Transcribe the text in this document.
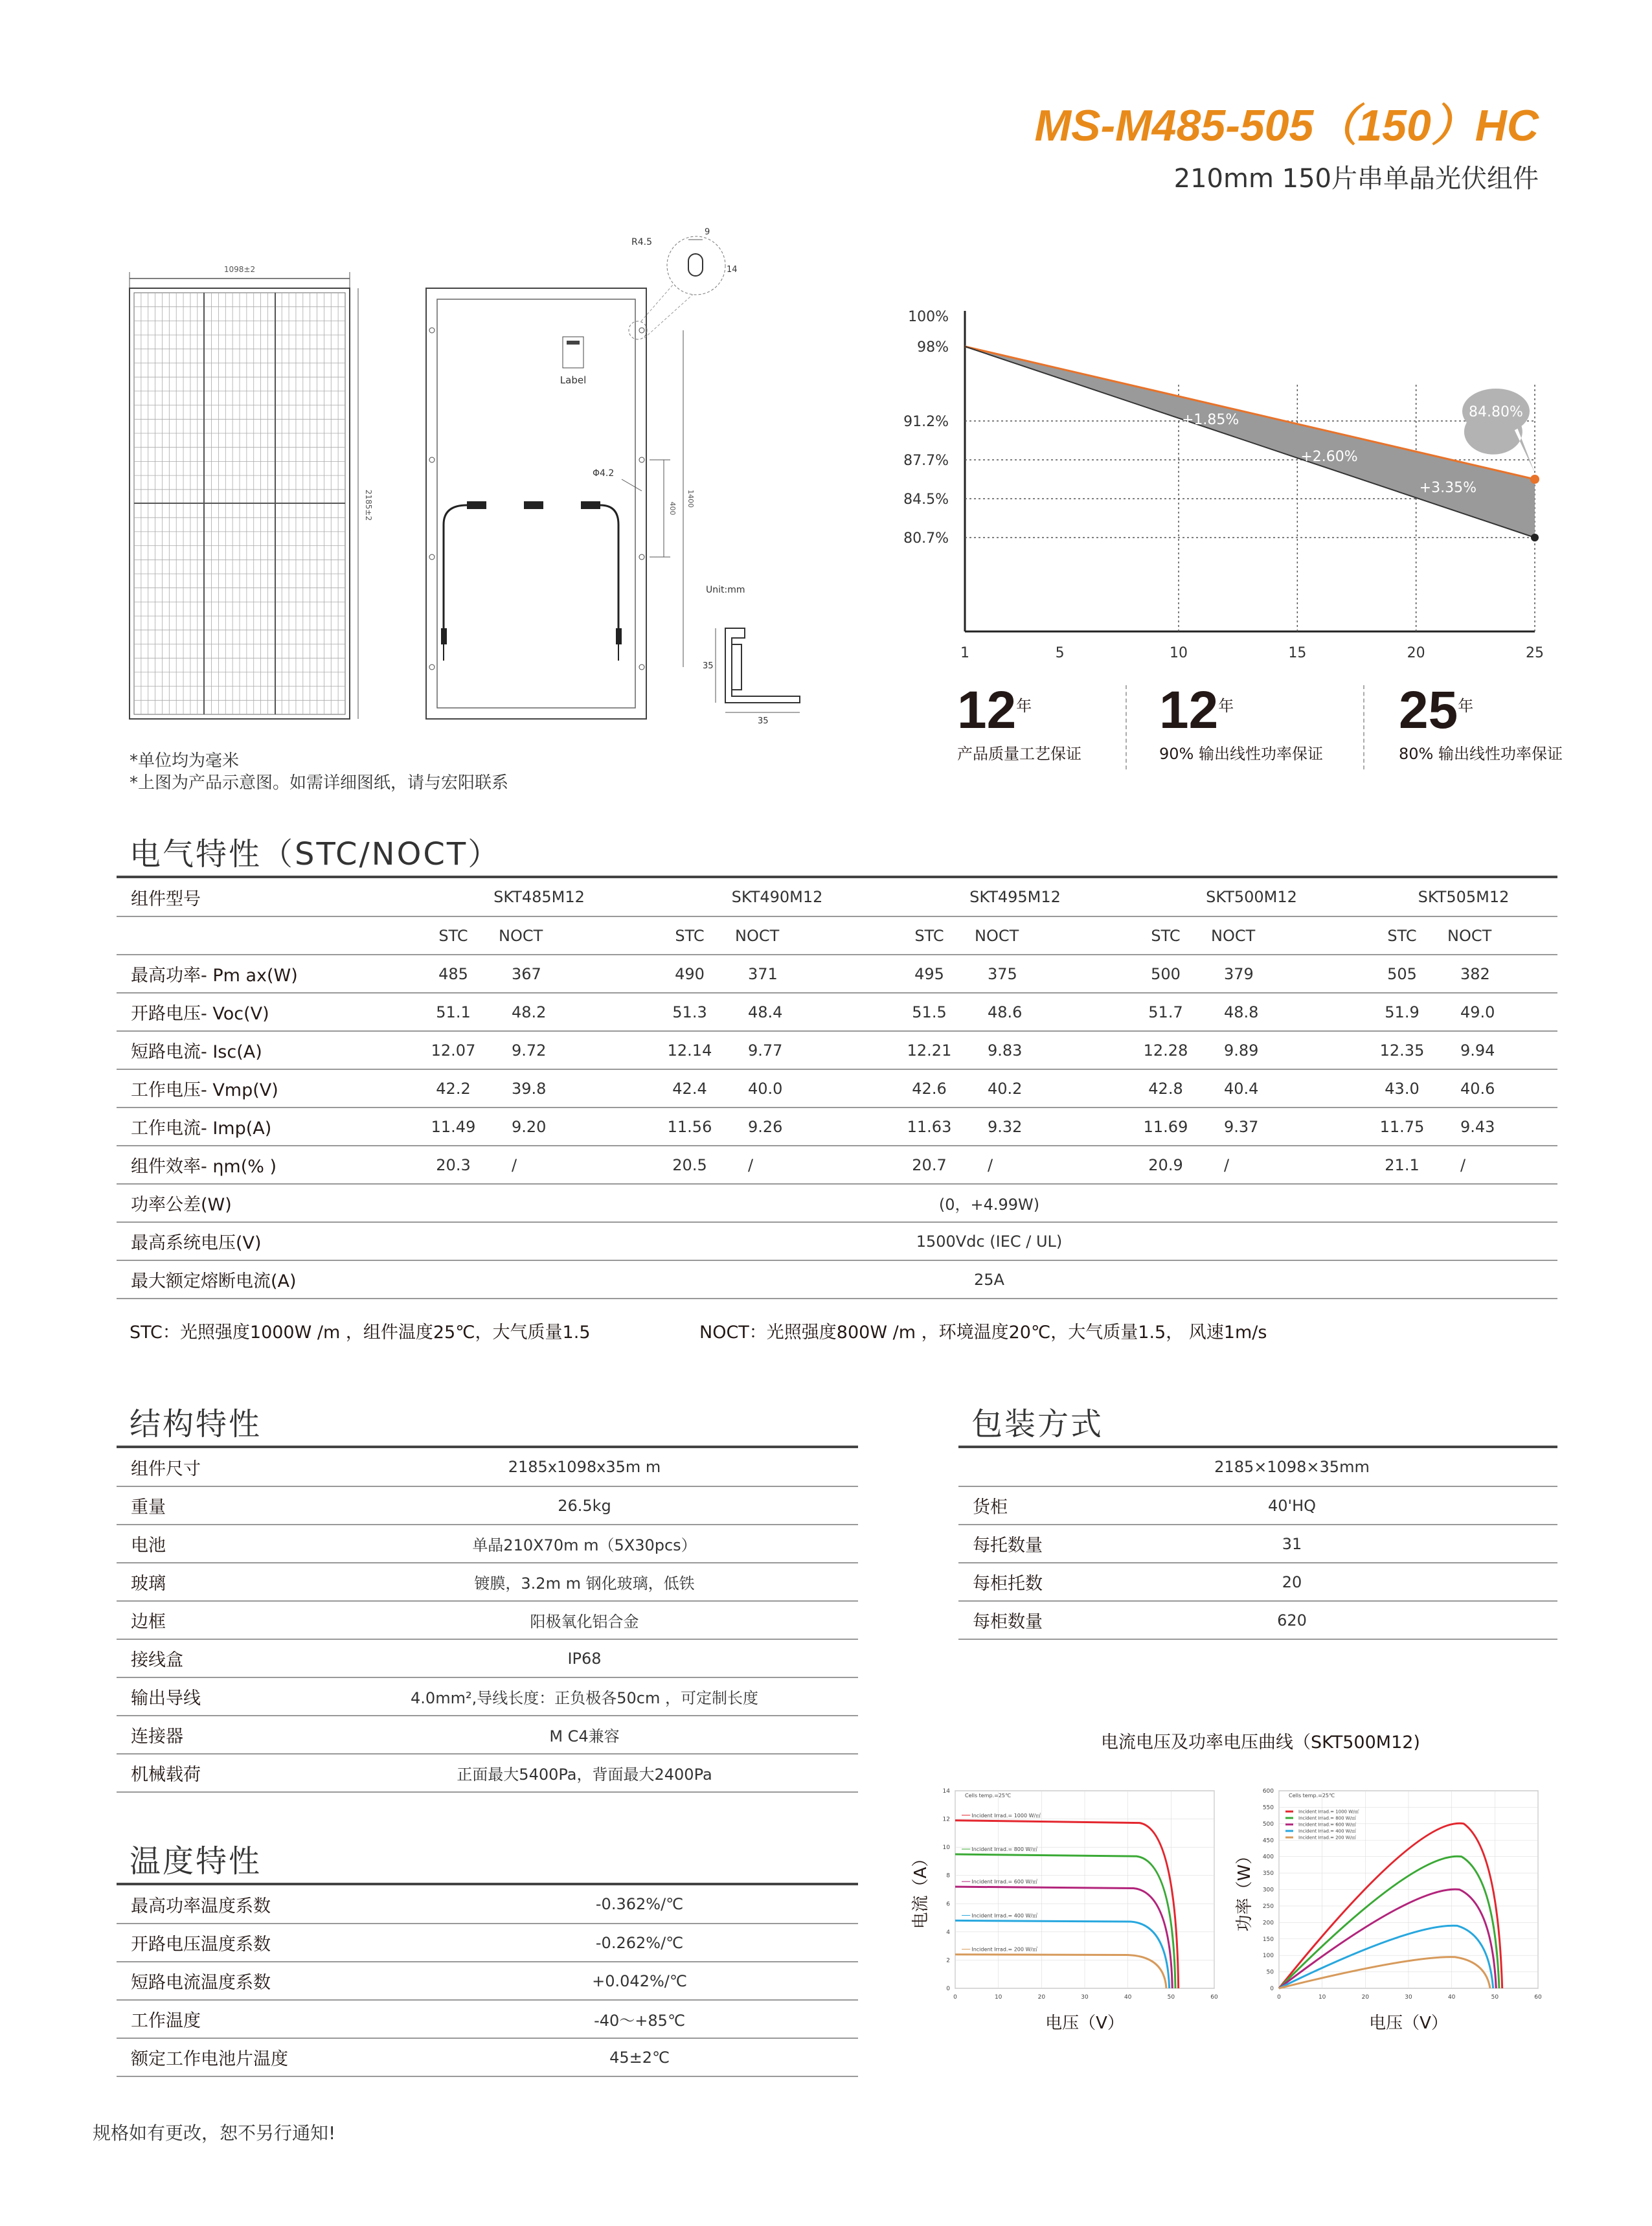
MS-M485-505（150）HC
210mm 150片串单晶光伏组件
1098±2
2185±2
Label
400
1400
Φ4.2
R4.5
9
14
Unit:mm
35
35
*单位均为毫米
*上图为产品示意图。如需详细图纸，请与宏阳联系
100%
98%
91.2%
87.7%
84.5%
80.7%
1	5	10	15	20	25
+1.85%
+2.60%
+3.35%
84.80%
12年
产品质量工艺保证
12年
90% 输出线性功率保证
25年
80% 输出线性功率保证
电气特性（STC/NOCT）
组件型号	SKT485M12		SKT490M12		SKT495M12		SKT500M12		SKT505M12	
	STC	NOCT	STC	NOCT	STC	NOCT	STC	NOCT	STC	NOCT
最高功率- Pm ax(W)	485	367	490	371	495	375	500	379	505	382
开路电压- Voc(V)	51.1	48.2	51.3	48.4	51.5	48.6	51.7	48.8	51.9	49.0
短路电流- Isc(A)	12.07	9.72	12.14	9.77	12.21	9.83	12.28	9.89	12.35	9.94
工作电压- Vmp(V)	42.2	39.8	42.4	40.0	42.6	40.2	42.8	40.4	43.0	40.6
工作电流- Imp(A)	11.49	9.20	11.56	9.26	11.63	9.32	11.69	9.37	11.75	9.43
组件效率- ηm(% )	20.3	/	20.5	/	20.7	/	20.9	/	21.1	/
功率公差(W)	(0，+4.99W)									
最高系统电压(V)	1500Vdc (IEC / UL)									
最大额定熔断电流(A)	25A									
STC：光照强度1000W /m ，组件温度25℃，大气质量1.5	NOCT：光照强度800W /m ，环境温度20℃，大气质量1.5， 风速1m/s
结构特性
组件尺寸	2185x1098x35m m
重量	26.5kg
电池	单晶210X70m m（5X30pcs）
玻璃	镀膜，3.2m m 钢化玻璃，低铁
边框	阳极氧化铝合金
接线盒	IP68
输出导线	4.0mm²,导线长度：正负极各50cm ，可定制长度
连接器	M C4兼容
机械载荷	正面最大5400Pa，背面最大2400Pa
包装方式
	2185×1098×35mm	
货柜	40'HQ	
每托数量	31	
每柜托数	20	
每柜数量	620	
温度特性
最高功率温度系数	-0.362%/℃
开路电压温度系数	-0.262%/℃
短路电流温度系数	+0.042%/℃
工作温度	-40～+85℃
额定工作电池片温度	45±2℃
电流电压及功率电压曲线（SKT500M12)
0
2
4
6
8
10
12
14
0	10	20	30	40	50	60
电流（A）
电压（V）
Cells temp.=25℃
Incident Irrad.= 1000 W/㎡
Incident Irrad.= 800 W/㎡
Incident Irrad.= 600 W/㎡
Incident Irrad.= 400 W/㎡
Incident Irrad.= 200 W/㎡
0
50
100
150
200
250
300
350
400
450
500
550
600
0	10	20	30	40	50	60
功率（W）
电压（V）
Cells temp.=25℃
Incident Irrad.= 1000 W/㎡
Incident Irrad.= 800 W/㎡
Incident Irrad.= 600 W/㎡
Incident Irrad.= 400 W/㎡
Incident Irrad.= 200 W/㎡
规格如有更改，恕不另行通知!
